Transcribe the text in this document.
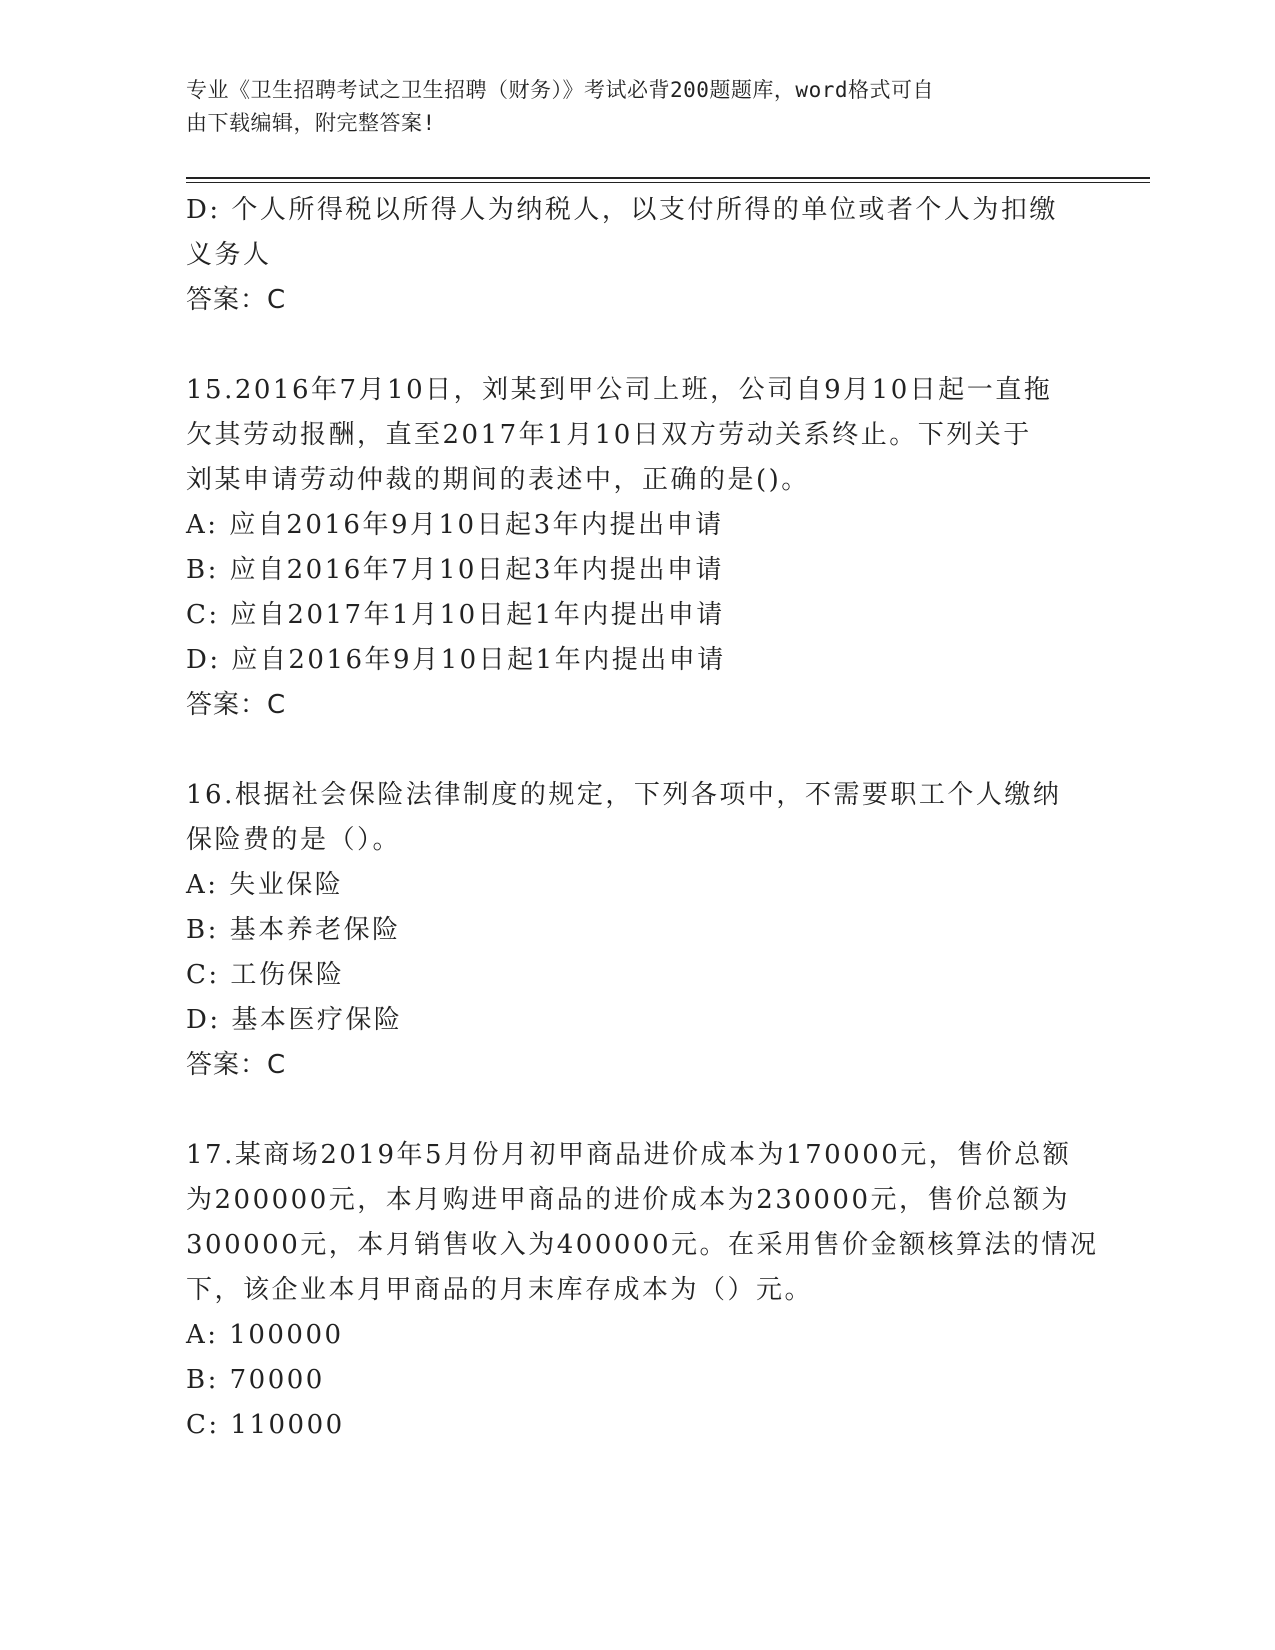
专业《卫生招聘考试之卫生招聘（财务）》考试必背200题题库，word格式可自
由下载编辑，附完整答案!
D: 个人所得税以所得人为纳税人，以支付所得的单位或者个人为扣缴
义务人
答案：C
15.2016年7月10日，刘某到甲公司上班，公司自9月10日起一直拖
欠其劳动报酬，直至2017年1月10日双方劳动关系终止。下列关于
刘某申请劳动仲裁的期间的表述中，正确的是()。
A: 应自2016年9月10日起3年内提出申请
B: 应自2016年7月10日起3年内提出申请
C: 应自2017年1月10日起1年内提出申请
D: 应自2016年9月10日起1年内提出申请
答案：C
16.根据社会保险法律制度的规定，下列各项中，不需要职工个人缴纳
保险费的是（）。
A: 失业保险
B: 基本养老保险
C: 工伤保险
D: 基本医疗保险
答案：C
17.某商场2019年5月份月初甲商品进价成本为170000元，售价总额
为200000元，本月购进甲商品的进价成本为230000元，售价总额为
300000元，本月销售收入为400000元。在采用售价金额核算法的情况
下，该企业本月甲商品的月末库存成本为（）元。
A: 100000
B: 70000
C: 110000
